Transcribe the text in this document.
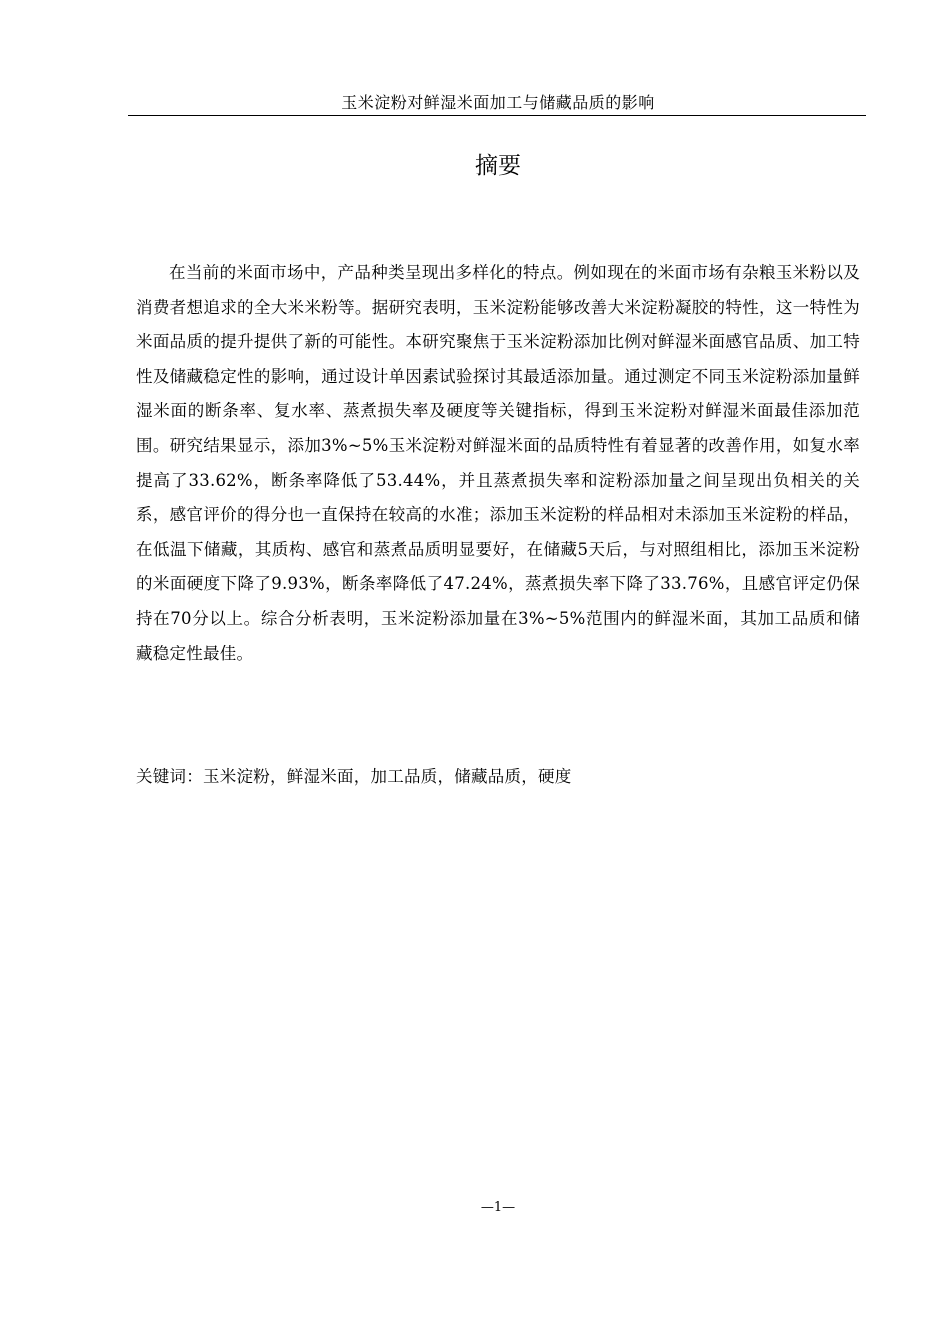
玉米淀粉对鲜湿米面加工与储藏品质的影响
摘要

在当前的米面市场中，产品种类呈现出多样化的特点。例如现在的米面市场有杂粮玉米粉以及消费者想追求的全大米米粉等。据研究表明，玉米淀粉能够改善大米淀粉凝胶的特性，这一特性为米面品质的提升提供了新的可能性。本研究聚焦于玉米淀粉添加比例对鲜湿米面感官品质、加工特性及储藏稳定性的影响，通过设计单因素试验探讨其最适添加量。通过测定不同玉米淀粉添加量鲜湿米面的断条率、复水率、蒸煮损失率及硬度等关键指标，得到玉米淀粉对鲜湿米面最佳添加范围。研究结果显示，添加3%~5%玉米淀粉对鲜湿米面的品质特性有着显著的改善作用，如复水率提高了33.62%，断条率降低了53.44%，并且蒸煮损失率和淀粉添加量之间呈现出负相关的关系，感官评价的得分也一直保持在较高的水准；添加玉米淀粉的样品相对未添加玉米淀粉的样品，在低温下储藏，其质构、感官和蒸煮品质明显要好，在储藏5天后，与对照组相比，添加玉米淀粉的米面硬度下降了9.93%，断条率降低了47.24%，蒸煮损失率下降了33.76%，且感官评定仍保持在70分以上。综合分析表明，玉米淀粉添加量在3%~5%范围内的鲜湿米面，其加工品质和储藏稳定性最佳。

关键词：玉米淀粉，鲜湿米面，加工品质，储藏品质，硬度

—1—
